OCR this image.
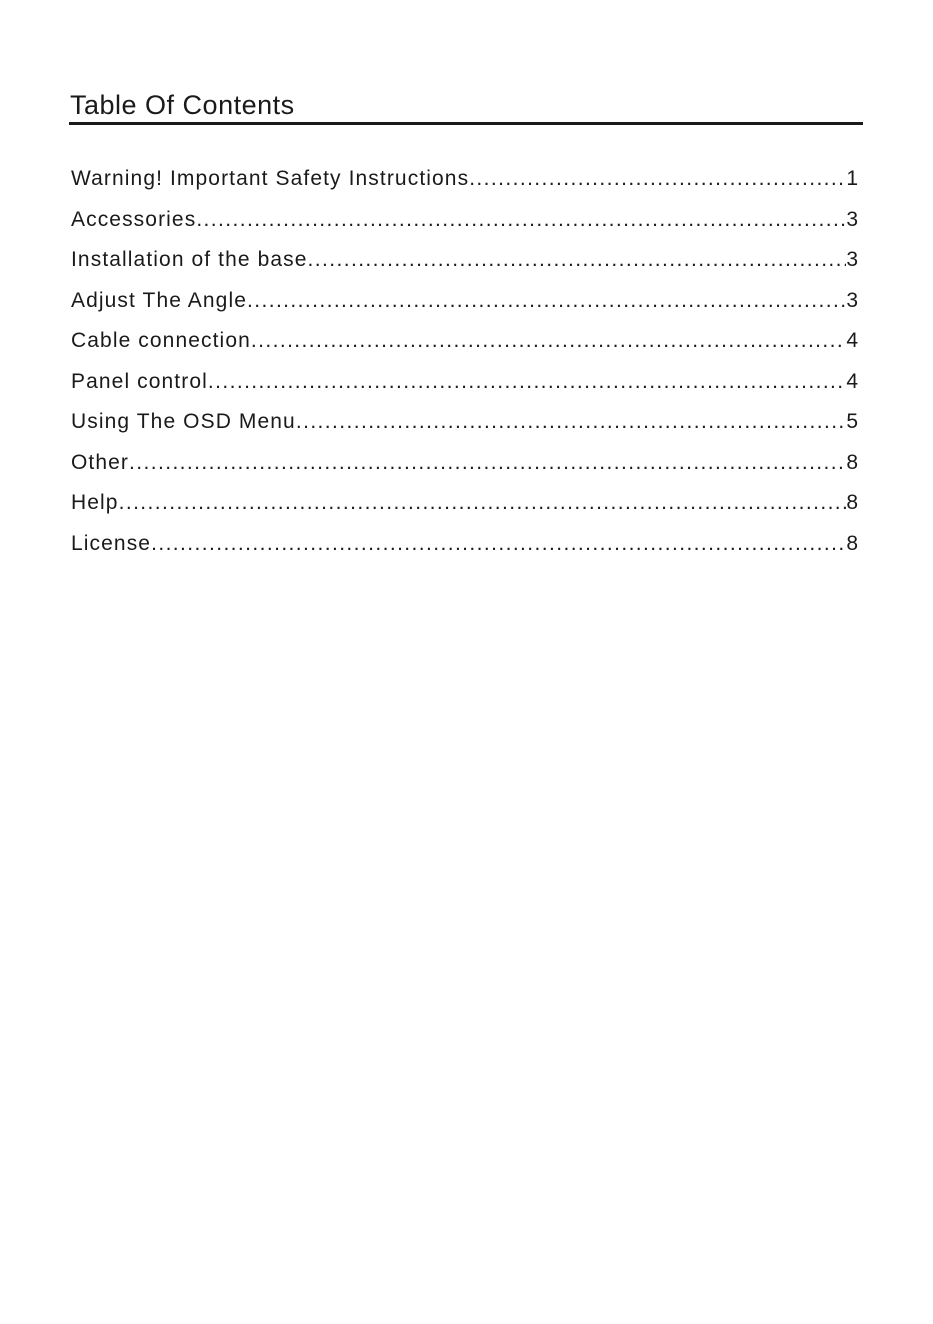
Table Of Contents
Warning! Important Safety Instructions .....	1
Accessories .....	3
Installation of the base .....	3
Adjust The Angle .....	3
Cable connection .....	4
Panel control .....	4
Using The OSD Menu .....	5
Other .....	8
Help .....	8
License .....	8
